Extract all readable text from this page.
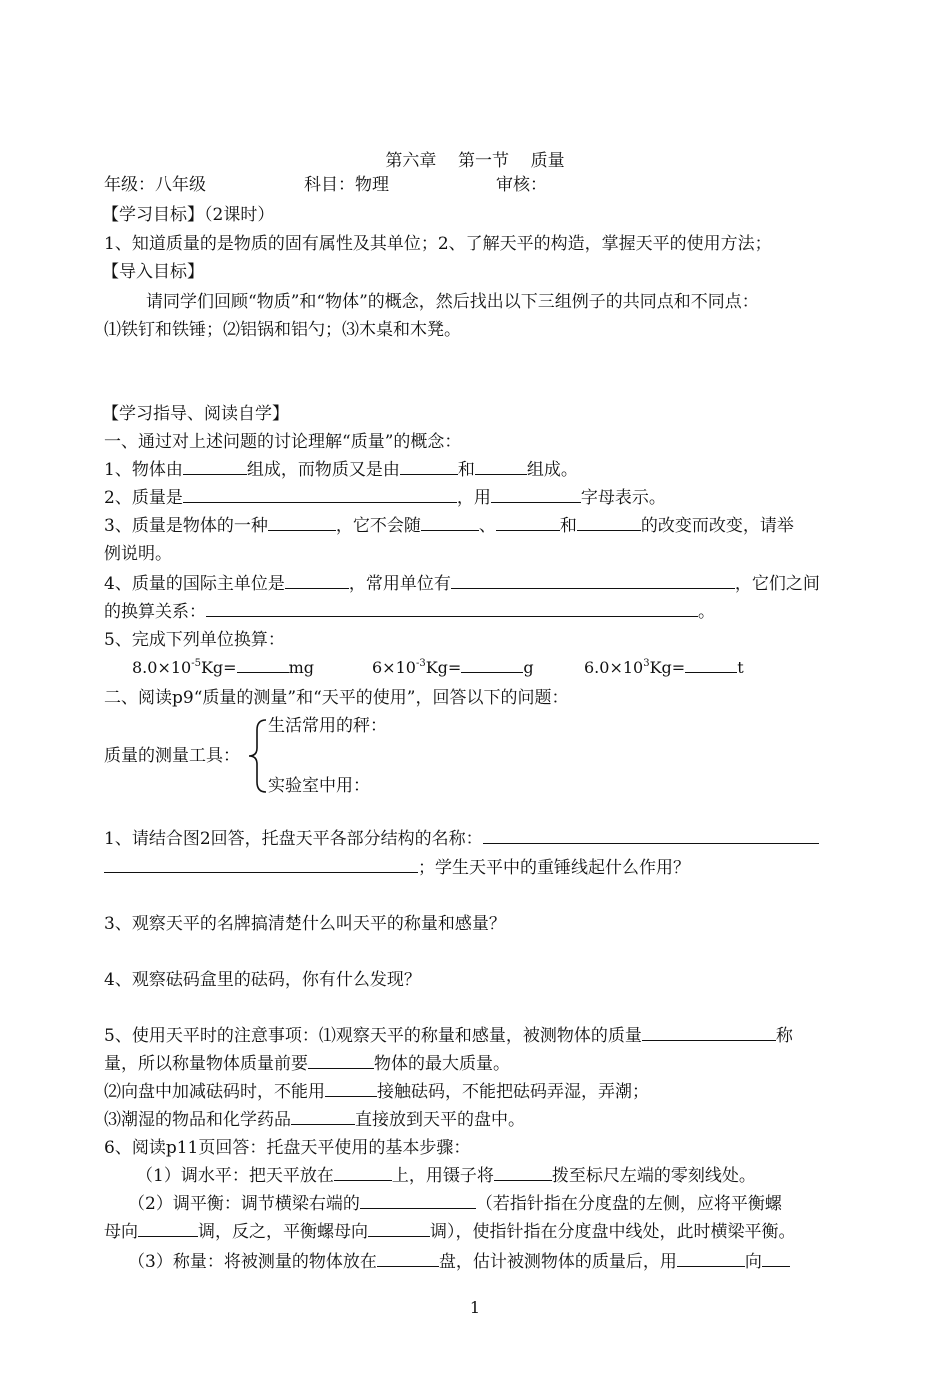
第六章    第一节    质量
年级：八年级	科目：物理	审核：
【学习目标】（2课时）
1、知道质量的是物质的固有属性及其单位；2、了解天平的构造，掌握天平的使用方法；
【导入目标】
请同学们回顾“物质”和“物体”的概念，然后找出以下三组例子的共同点和不同点：
⑴铁钉和铁锤；⑵铝锅和铝勺；⑶木桌和木凳。
【学习指导、阅读自学】
一、通过对上述问题的讨论理解“质量”的概念：
1、物体由	组成，而物质又是由	和	组成。
2、质量是	，用	字母表示。
3、质量是物体的一种	，它不会随	、	和	的改变而改变，请举
例说明。
4、质量的国际主单位是	，常用单位有	，它们之间
的换算关系：	。
5、完成下列单位换算：
$8.0\times 10^{-5}Kg=$	mg	$6\times 10^{-3}Kg=$	g	$6.0\times 10^3Kg=$	t
二、阅读p9“质量的测量”和“天平的使用”，回答以下的问题：
质量的测量工具：
生活常用的秤：
实验室中用：
1、请结合图2回答，托盘天平各部分结构的名称：
；学生天平中的重锤线起什么作用？
3、观察天平的名牌搞清楚什么叫天平的称量和感量？
4、观察砝码盒里的砝码，你有什么发现？
5、使用天平时的注意事项：⑴观察天平的称量和感量，被测物体的质量	称
量，所以称量物体质量前要	物体的最大质量。
⑵向盘中加减砝码时，不能用	接触砝码，不能把砝码弄湿，弄潮；
⑶潮湿的物品和化学药品	直接放到天平的盘中。
6、阅读p11页回答：托盘天平使用的基本步骤：
（1）调水平：把天平放在	上，用镊子将	拨至标尺左端的零刻线处。
（2）调平衡：调节横梁右端的	（若指针指在分度盘的左侧，应将平衡螺
母向	调，反之，平衡螺母向	调），使指针指在分度盘中线处，此时横梁平衡。
（3）称量：将被测量的物体放在	盘，估计被测物体的质量后，用	向
1
